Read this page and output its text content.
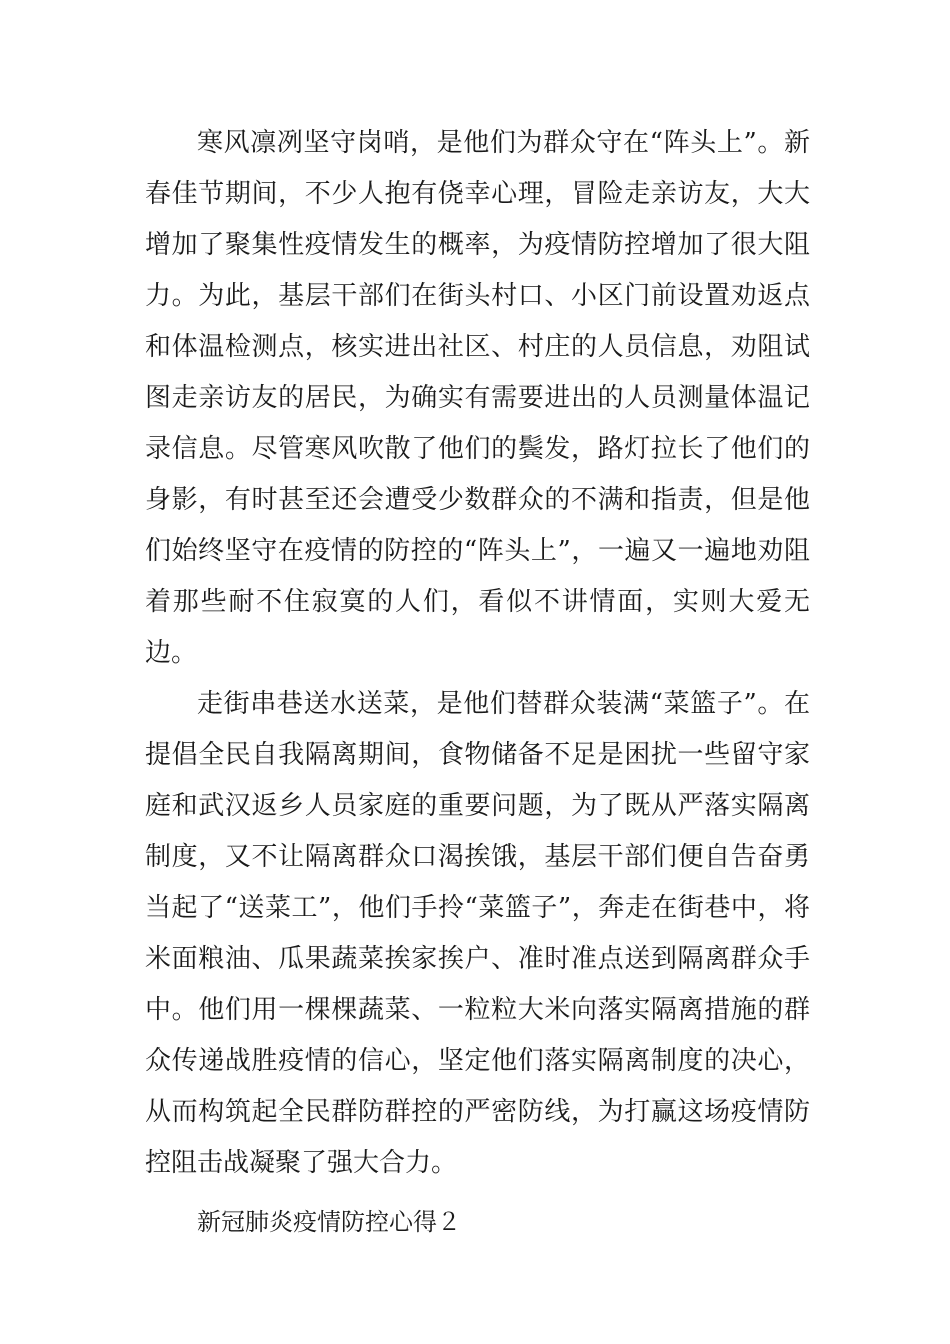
寒风凛冽坚守岗哨，是他们为群众守在“阵头上”。新春佳节期间，不少人抱有侥幸心理，冒险走亲访友，大大增加了聚集性疫情发生的概率，为疫情防控增加了很大阻力。为此，基层干部们在街头村口、小区门前设置劝返点和体温检测点，核实进出社区、村庄的人员信息，劝阻试图走亲访友的居民，为确实有需要进出的人员测量体温记录信息。尽管寒风吹散了他们的鬓发，路灯拉长了他们的身影，有时甚至还会遭受少数群众的不满和指责，但是他们始终坚守在疫情的防控的“阵头上”，一遍又一遍地劝阻着那些耐不住寂寞的人们，看似不讲情面，实则大爱无边。

走街串巷送水送菜，是他们替群众装满“菜篮子”。在提倡全民自我隔离期间，食物储备不足是困扰一些留守家庭和武汉返乡人员家庭的重要问题，为了既从严落实隔离制度，又不让隔离群众口渴挨饿，基层干部们便自告奋勇当起了“送菜工”，他们手拎“菜篮子”，奔走在街巷中，将米面粮油、瓜果蔬菜挨家挨户、准时准点送到隔离群众手中。他们用一棵棵蔬菜、一粒粒大米向落实隔离措施的群众传递战胜疫情的信心，坚定他们落实隔离制度的决心，从而构筑起全民群防群控的严密防线，为打赢这场疫情防控阻击战凝聚了强大合力。

新冠肺炎疫情防控心得２
